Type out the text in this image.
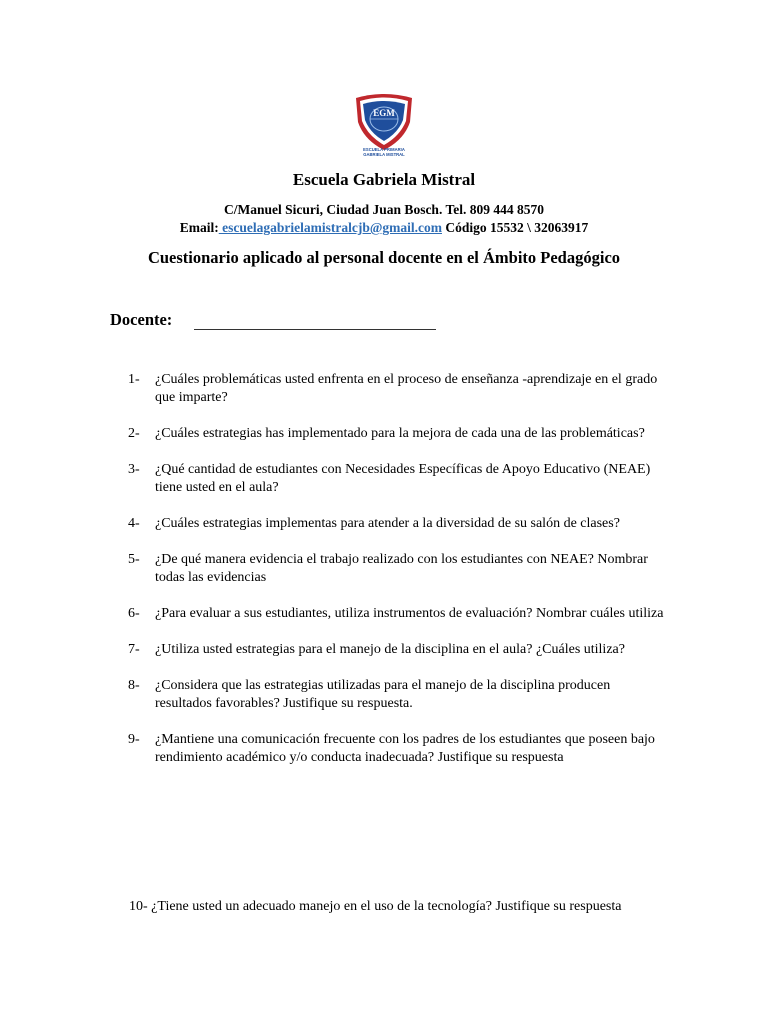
EGM
ESCUELA PRIMARIA
GABRIELA MISTRAL
Escuela Gabriela Mistral
C/Manuel Sicuri, Ciudad Juan Bosch. Tel. 809 444 8570
Email: escuelagabrielamistralcjb@gmail.com Código 15532 \ 32063917
Cuestionario aplicado al personal docente en el Ámbito Pedagógico
Docente:
1-	¿Cuáles problemáticas usted enfrenta en el proceso de enseñanza -aprendizaje en el grado que imparte?
2-	¿Cuáles estrategias has implementado para la mejora de cada una de las problemáticas?
3-	¿Qué cantidad de estudiantes con Necesidades Específicas de Apoyo Educativo (NEAE) tiene usted en el aula?
4-	¿Cuáles estrategias implementas para atender a la diversidad de su salón de clases?
5-	¿De qué manera evidencia el trabajo realizado con los estudiantes con NEAE? Nombrar todas las evidencias
6-	¿Para evaluar a sus estudiantes, utiliza instrumentos de evaluación? Nombrar cuáles utiliza
7-	¿Utiliza usted estrategias para el manejo de la disciplina en el aula? ¿Cuáles utiliza?
8-	¿Considera que las estrategias utilizadas para el manejo de la disciplina producen resultados favorables? Justifique su respuesta.
9-	¿Mantiene una comunicación frecuente con los padres de los estudiantes que poseen bajo rendimiento académico y/o conducta inadecuada? Justifique su respuesta
10- ¿Tiene usted un adecuado manejo en el uso de la tecnología? Justifique su respuesta
